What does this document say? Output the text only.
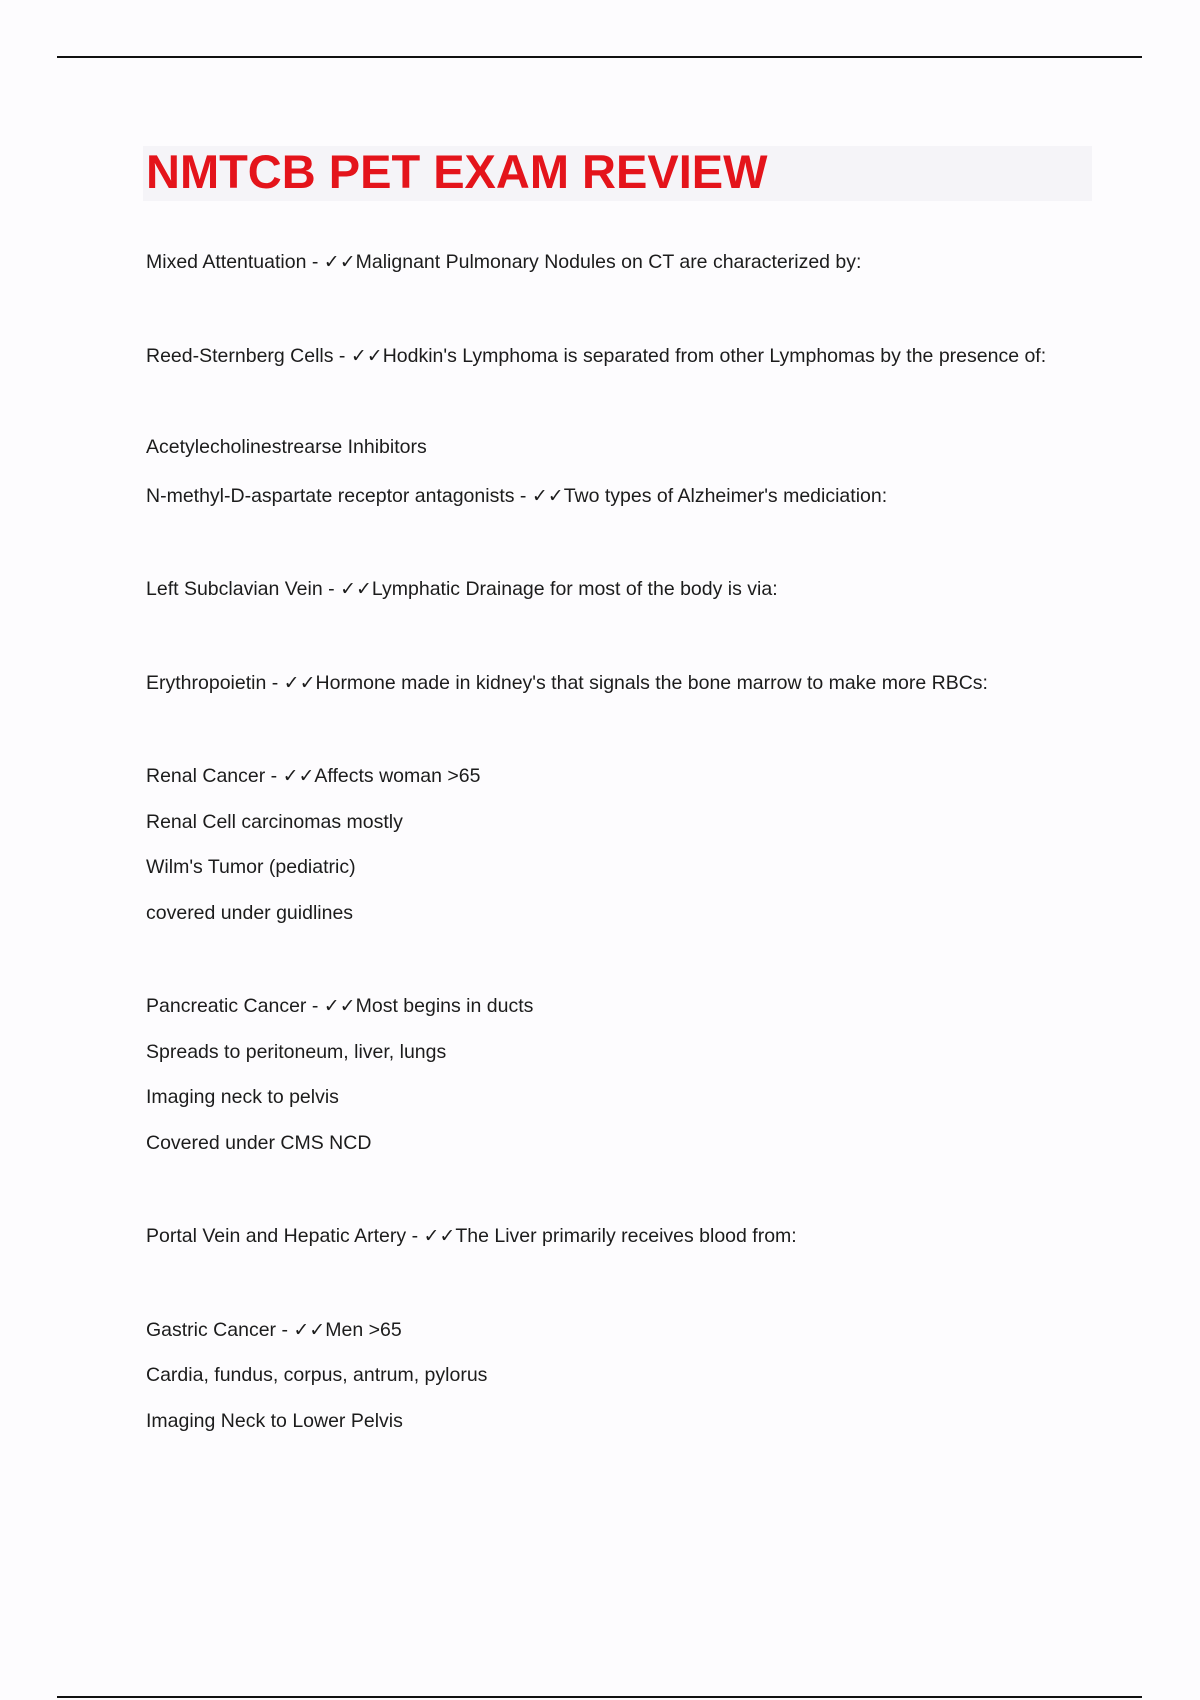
NMTCB PET EXAM REVIEW

Mixed Attentuation - ✓✓Malignant Pulmonary Nodules on CT are characterized by:

Reed-Sternberg Cells - ✓✓Hodkin's Lymphoma is separated from other Lymphomas by the presence of:

Acetylecholinestrearse Inhibitors

N-methyl-D-aspartate receptor antagonists - ✓✓Two types of Alzheimer's mediciation:

Left Subclavian Vein - ✓✓Lymphatic Drainage for most of the body is via:

Erythropoietin - ✓✓Hormone made in kidney's that signals the bone marrow to make more RBCs:

Renal Cancer - ✓✓Affects woman >65

Renal Cell carcinomas mostly

Wilm's Tumor (pediatric)

covered under guidlines

Pancreatic Cancer - ✓✓Most begins in ducts

Spreads to peritoneum, liver, lungs

Imaging neck to pelvis

Covered under CMS NCD

Portal Vein and Hepatic Artery - ✓✓The Liver primarily receives blood from:

Gastric Cancer - ✓✓Men >65

Cardia, fundus, corpus, antrum, pylorus

Imaging Neck to Lower Pelvis
